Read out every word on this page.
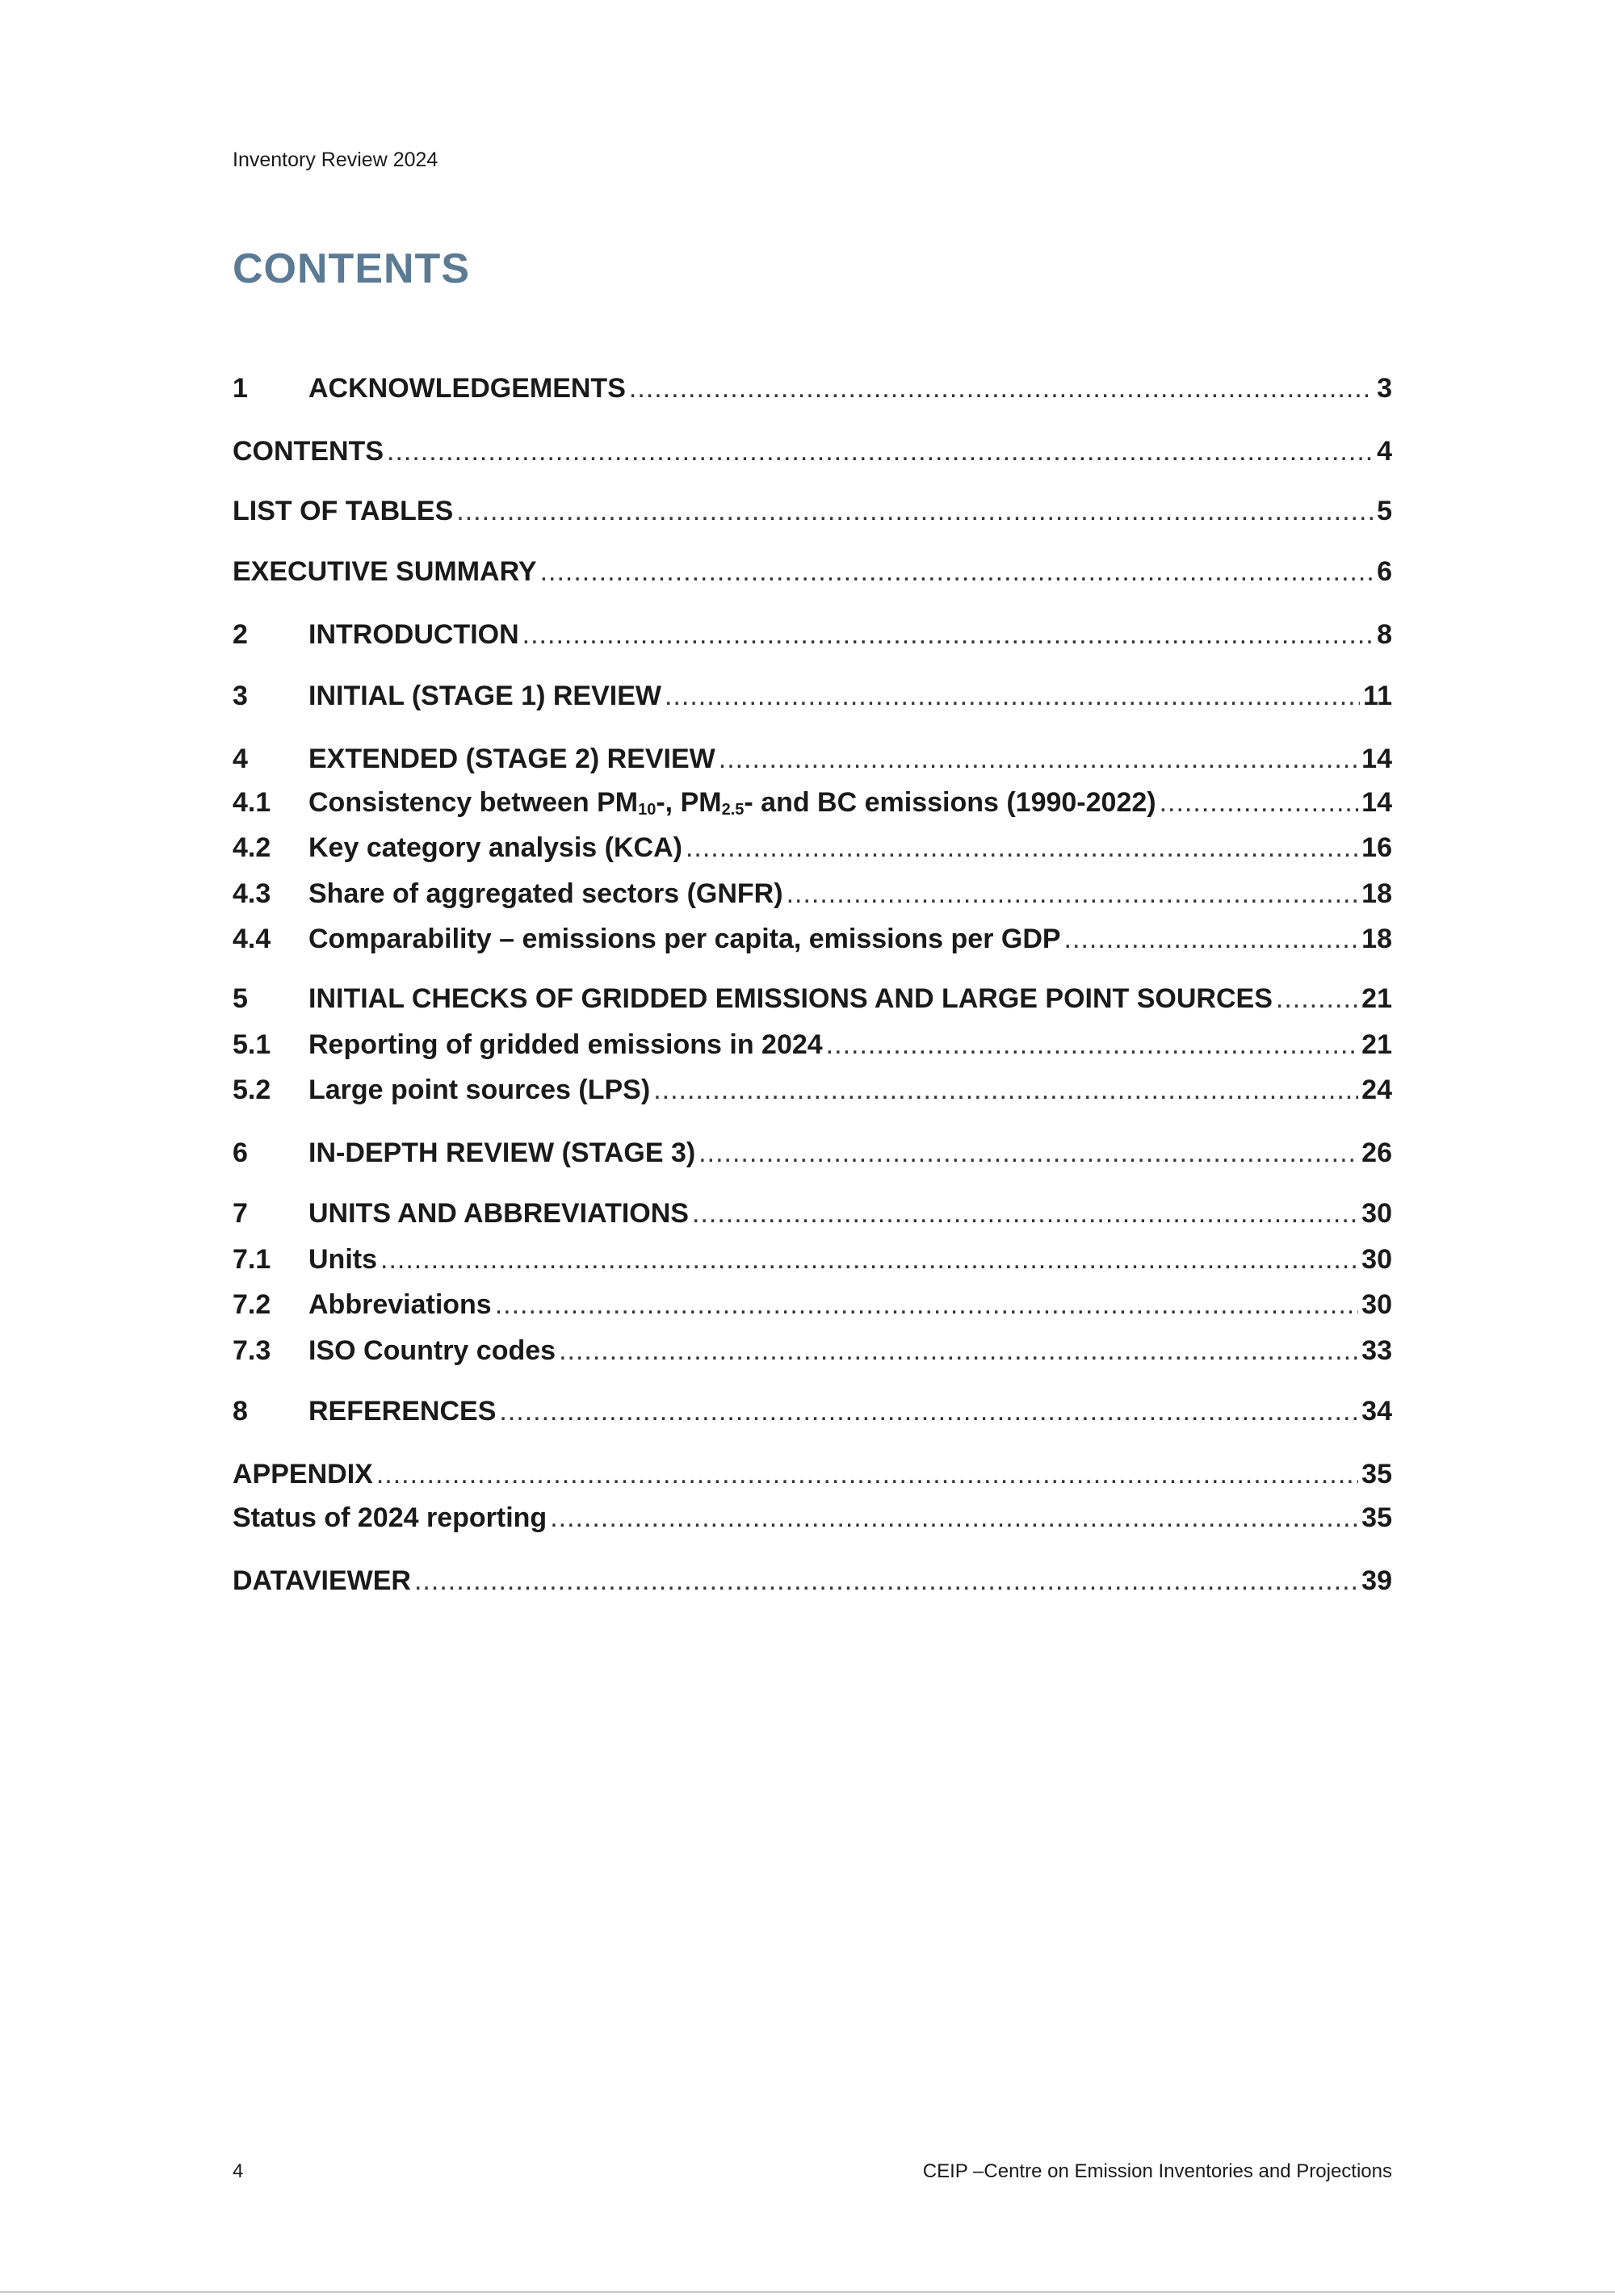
Inventory Review 2024
CONTENTS
1	ACKNOWLEDGEMENTS .....	3
CONTENTS .....	4
LIST OF TABLES .....	5
EXECUTIVE SUMMARY .....	6
2	INTRODUCTION .....	8
3	INITIAL (STAGE 1) REVIEW .....	11
4	EXTENDED (STAGE 2) REVIEW .....	14
4.1	Consistency between $PM_{10}-$, $PM_{2.5}-$ and BC emissions (1990-2022) .....	14
4.2	Key category analysis (KCA) .....	16
4.3	Share of aggregated sectors (GNFR) .....	18
4.4	Comparability – emissions per capita, emissions per GDP .....	18
5	INITIAL CHECKS OF GRIDDED EMISSIONS AND LARGE POINT SOURCES .....	21
5.1	Reporting of gridded emissions in 2024 .....	21
5.2	Large point sources (LPS) .....	24
6	IN-DEPTH REVIEW (STAGE 3) .....	26
7	UNITS AND ABBREVIATIONS .....	30
7.1	Units .....	30
7.2	Abbreviations .....	30
7.3	ISO Country codes .....	33
8	REFERENCES .....	34
APPENDIX .....	35
Status of 2024 reporting .....	35
DATAVIEWER .....	39
4	CEIP –Centre on Emission Inventories and Projections
